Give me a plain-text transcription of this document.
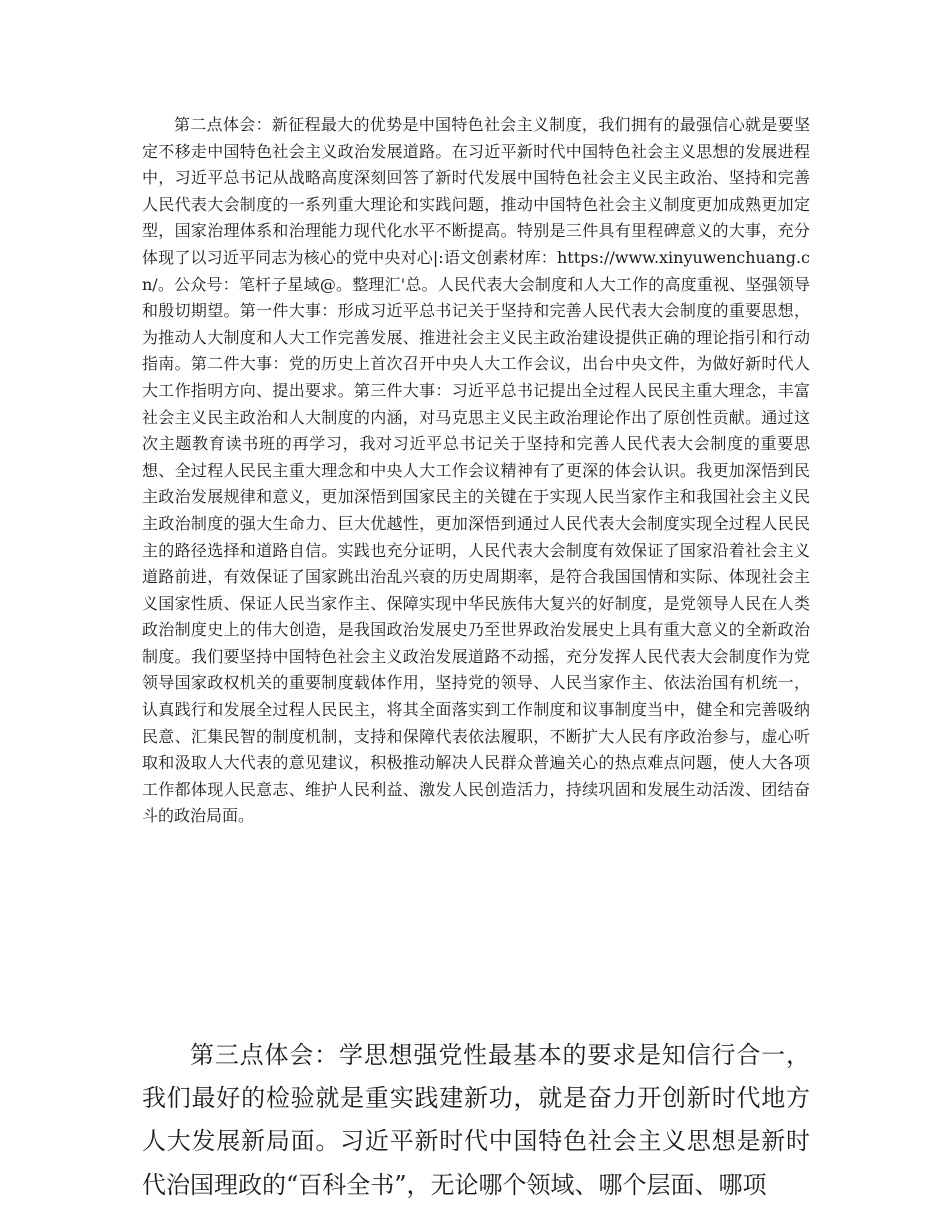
第二点体会：新征程最大的优势是中国特色社会主义制度，我们拥有的最强信心就是要坚定不移走中国特色社会主义政治发展道路。在习近平新时代中国特色社会主义思想的发展进程中，习近平总书记从战略高度深刻回答了新时代发展中国特色社会主义民主政治、坚持和完善人民代表大会制度的一系列重大理论和实践问题，推动中国特色社会主义制度更加成熟更加定型，国家治理体系和治理能力现代化水平不断提高。特别是三件具有里程碑意义的大事，充分体现了以习近平同志为核心的党中央对心|:语文创素材库：https://www.xinyuwenchuang.cn/。公众号：笔杆子星域@。整理汇'总。人民代表大会制度和人大工作的高度重视、坚强领导和殷切期望。第一件大事：形成习近平总书记关于坚持和完善人民代表大会制度的重要思想，为推动人大制度和人大工作完善发展、推进社会主义民主政治建设提供正确的理论指引和行动指南。第二件大事：党的历史上首次召开中央人大工作会议，出台中央文件，为做好新时代人大工作指明方向、提出要求。第三件大事：习近平总书记提出全过程人民民主重大理念，丰富社会主义民主政治和人大制度的内涵，对马克思主义民主政治理论作出了原创性贡献。通过这次主题教育读书班的再学习，我对习近平总书记关于坚持和完善人民代表大会制度的重要思想、全过程人民民主重大理念和中央人大工作会议精神有了更深的体会认识。我更加深悟到民主政治发展规律和意义，更加深悟到国家民主的关键在于实现人民当家作主和我国社会主义民主政治制度的强大生命力、巨大优越性，更加深悟到通过人民代表大会制度实现全过程人民民主的路径选择和道路自信。实践也充分证明，人民代表大会制度有效保证了国家沿着社会主义道路前进，有效保证了国家跳出治乱兴衰的历史周期率，是符合我国国情和实际、体现社会主义国家性质、保证人民当家作主、保障实现中华民族伟大复兴的好制度，是党领导人民在人类政治制度史上的伟大创造，是我国政治发展史乃至世界政治发展史上具有重大意义的全新政治制度。我们要坚持中国特色社会主义政治发展道路不动摇，充分发挥人民代表大会制度作为党领导国家政权机关的重要制度载体作用，坚持党的领导、人民当家作主、依法治国有机统一，认真践行和发展全过程人民民主，将其全面落实到工作制度和议事制度当中，健全和完善吸纳民意、汇集民智的制度机制，支持和保障代表依法履职，不断扩大人民有序政治参与，虚心听取和汲取人大代表的意见建议，积极推动解决人民群众普遍关心的热点难点问题，使人大各项工作都体现人民意志、维护人民利益、激发人民创造活力，持续巩固和发展生动活泼、团结奋斗的政治局面。

第三点体会：学思想强党性最基本的要求是知信行合一，我们最好的检验就是重实践建新功，就是奋力开创新时代地方人大发展新局面。习近平新时代中国特色社会主义思想是新时代治国理政的“百科全书”，无论哪个领域、哪个层面、哪项
